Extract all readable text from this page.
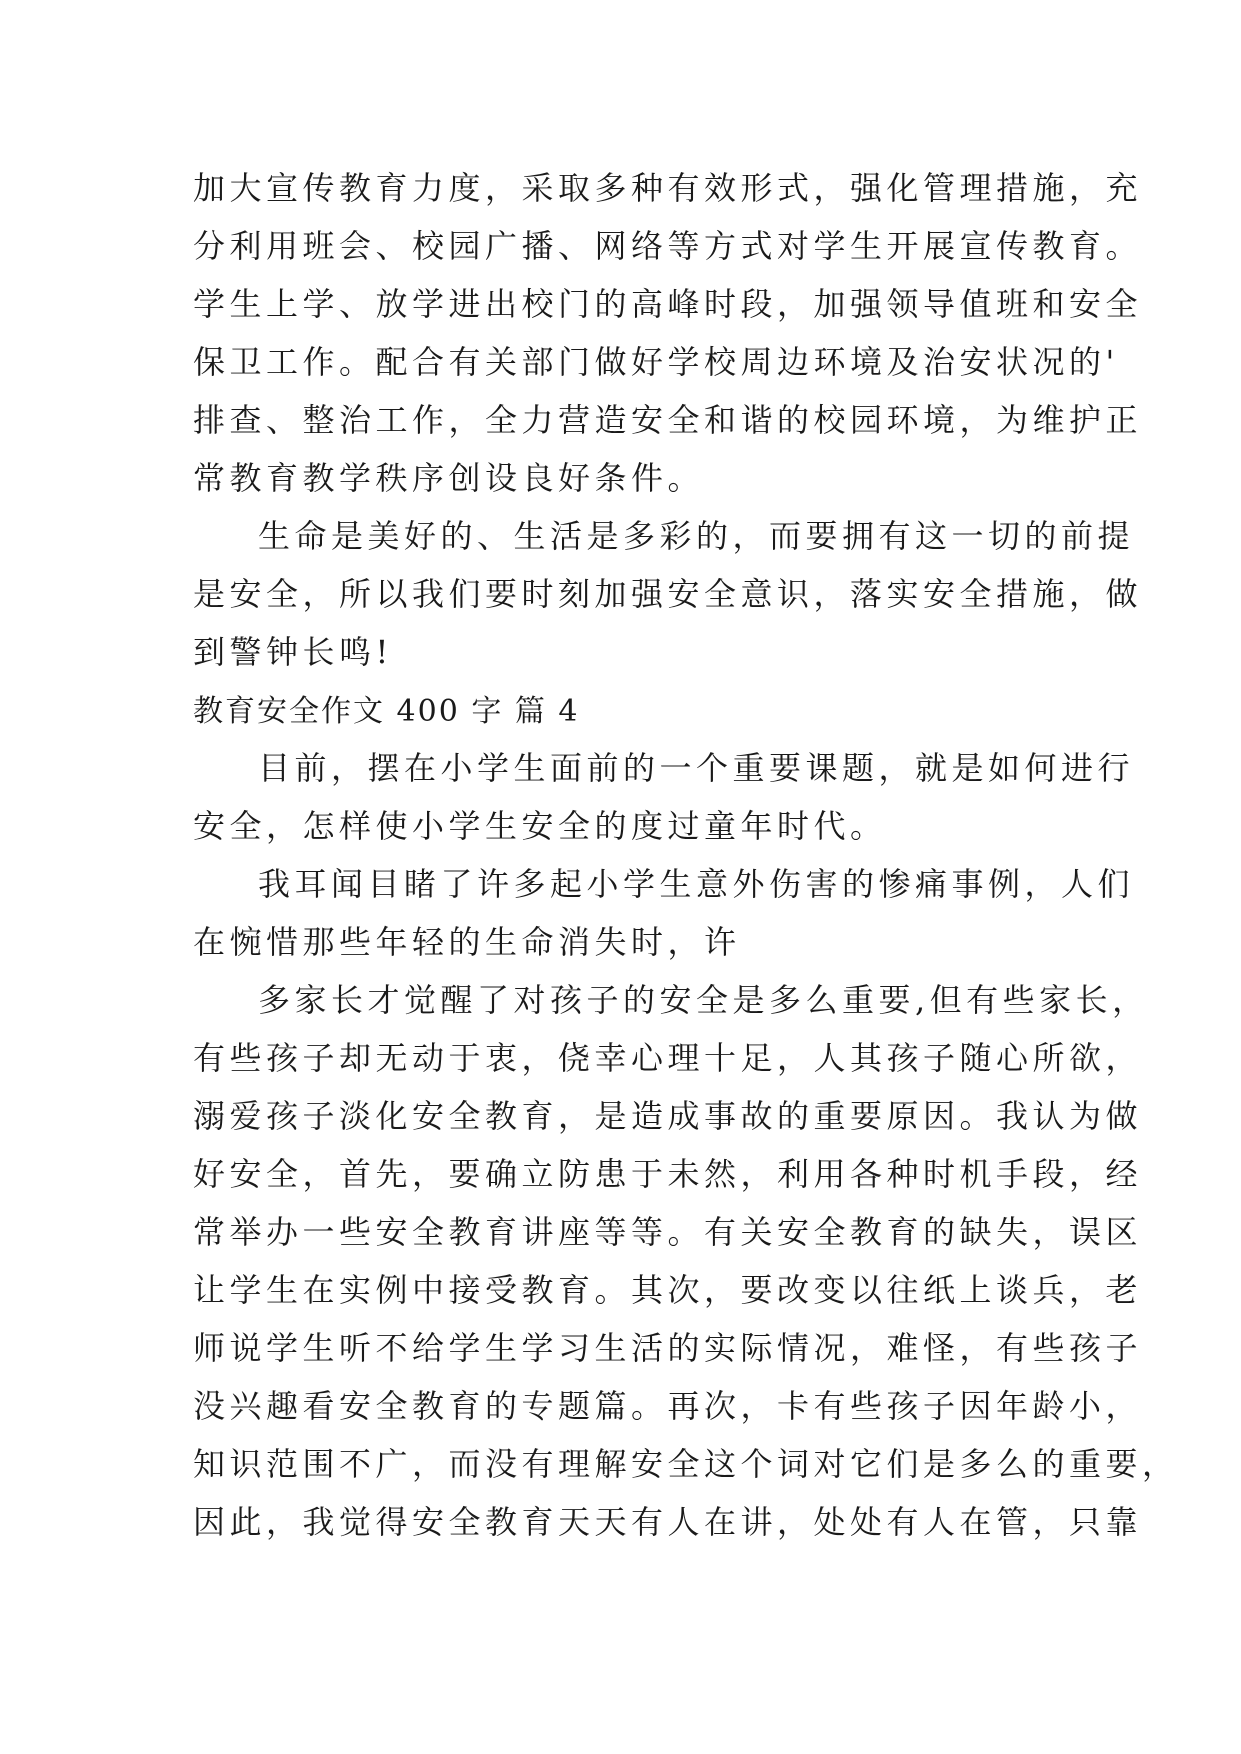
加大宣传教育力度，采取多种有效形式，强化管理措施，充
分利用班会、校园广播、网络等方式对学生开展宣传教育。
学生上学、放学进出校门的高峰时段，加强领导值班和安全
保卫工作。配合有关部门做好学校周边环境及治安状况的'
排查、整治工作，全力营造安全和谐的校园环境，为维护正
常教育教学秩序创设良好条件。
生命是美好的、生活是多彩的，而要拥有这一切的前提
是安全，所以我们要时刻加强安全意识，落实安全措施，做
到警钟长鸣!
教育安全作文 400 字 篇 4
目前，摆在小学生面前的一个重要课题，就是如何进行
安全，怎样使小学生安全的度过童年时代。
我耳闻目睹了许多起小学生意外伤害的惨痛事例，人们
在惋惜那些年轻的生命消失时，许
多家长才觉醒了对孩子的安全是多么重要,但有些家长，
有些孩子却无动于衷，侥幸心理十足，人其孩子随心所欲，
溺爱孩子淡化安全教育，是造成事故的重要原因。我认为做
好安全，首先，要确立防患于未然，利用各种时机手段，经
常举办一些安全教育讲座等等。有关安全教育的缺失，误区
让学生在实例中接受教育。其次，要改变以往纸上谈兵，老
师说学生听不给学生学习生活的实际情况，难怪，有些孩子
没兴趣看安全教育的专题篇。再次，卡有些孩子因年龄小，
知识范围不广，而没有理解安全这个词对它们是多么的重要，
因此，我觉得安全教育天天有人在讲，处处有人在管，只靠
